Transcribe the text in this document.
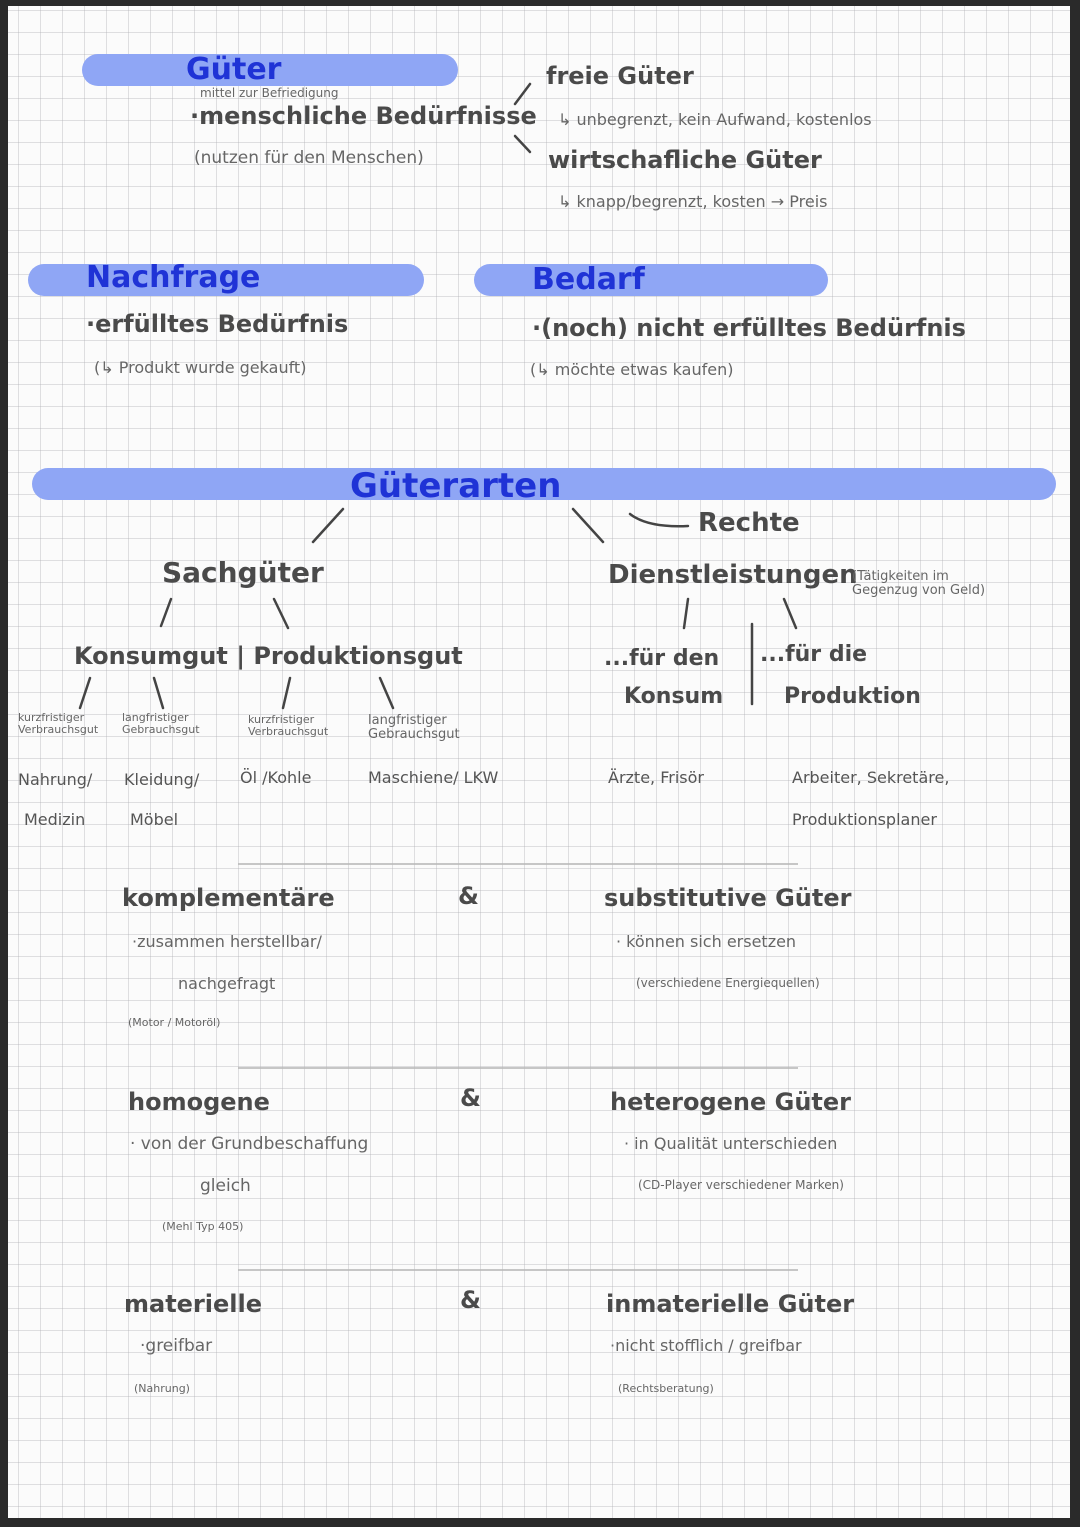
Güter
mittel zur Befriedigung
·menschliche Bedürfnisse
(nutzen für den Menschen)
freie Güter
↳ unbegrenzt, kein Aufwand, kostenlos
wirtschafliche Güter
↳ knapp/begrenzt, kosten → Preis
Nachfrage
·erfülltes Bedürfnis
(↳ Produkt wurde gekauft)
Bedarf
·(noch) nicht erfülltes Bedürfnis
(↳ möchte etwas kaufen)
Güterarten
Rechte
Sachgüter
Konsumgut | Produktionsgut
kurzfristiger
Verbrauchsgut
langfristiger
Gebrauchsgut
kurzfristiger
Verbrauchsgut
langfristiger
Gebrauchsgut
Nahrung/
Medizin
Kleidung/
Möbel
Öl /Kohle	Maschiene/ LKW
Dienstleistungen
(Tätigkeiten im
Gegenzug von Geld)
...für den
Konsum
...für die
Produktion
Ärzte, Frisör	Arbeiter, Sekretäre,
Produktionsplaner
komplementäre
·zusammen herstellbar/
nachgefragt
(Motor / Motoröl)
&	substitutive Güter
· können sich ersetzen
(verschiedene Energiequellen)
homogene
· von der Grundbeschaffung
gleich
(Mehl Typ 405)
&	heterogene Güter
· in Qualität unterschieden
(CD-Player verschiedener Marken)
materielle
·greifbar
(Nahrung)
&	inmaterielle Güter
·nicht stofflich / greifbar
(Rechtsberatung)
